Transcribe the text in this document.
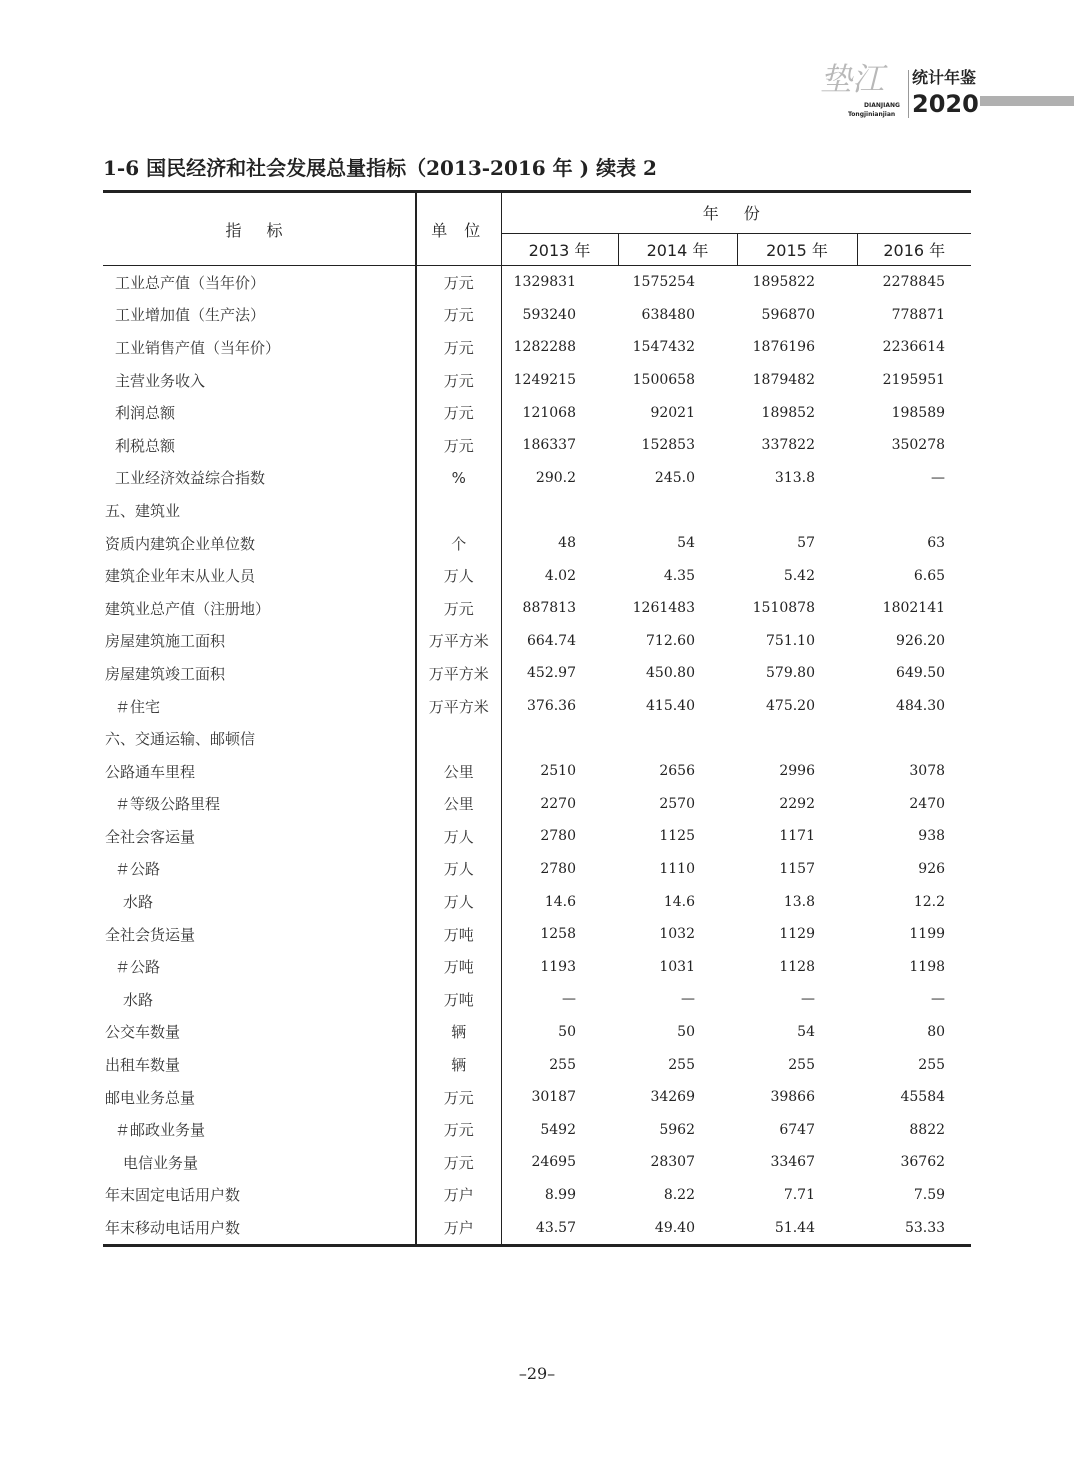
垫江
DIANJIANG
Tongjinianjian
统计年鉴
2020
1-6 国民经济和社会发展总量指标（2013-2016 年 ) 续表 2
指 标	单 位	年 份			
		2013 年	2014 年	2015 年	2016 年
工业总产值（当年价）	万元	1329831	1575254	1895822	2278845
工业增加值（生产法）	万元	593240	638480	596870	778871
工业销售产值（当年价）	万元	1282288	1547432	1876196	2236614
主营业务收入	万元	1249215	1500658	1879482	2195951
利润总额	万元	121068	92021	189852	198589
利税总额	万元	186337	152853	337822	350278
工业经济效益综合指数	%	290.2	245.0	313.8	—
五、建筑业					
资质内建筑企业单位数	个	48	54	57	63
建筑企业年末从业人员	万人	4.02	4.35	5.42	6.65
建筑业总产值（注册地）	万元	887813	1261483	1510878	1802141
房屋建筑施工面积	万平方米	664.74	712.60	751.10	926.20
房屋建筑竣工面积	万平方米	452.97	450.80	579.80	649.50
＃住宅	万平方米	376.36	415.40	475.20	484.30
六、交通运输、邮顿信					
公路通车里程	公里	2510	2656	2996	3078
＃等级公路里程	公里	2270	2570	2292	2470
全社会客运量	万人	2780	1125	1171	938
＃公路	万人	2780	1110	1157	926
水路	万人	14.6	14.6	13.8	12.2
全社会货运量	万吨	1258	1032	1129	1199
＃公路	万吨	1193	1031	1128	1198
水路	万吨	—	—	—	—
公交车数量	辆	50	50	54	80
出租车数量	辆	255	255	255	255
邮电业务总量	万元	30187	34269	39866	45584
＃邮政业务量	万元	5492	5962	6747	8822
电信业务量	万元	24695	28307	33467	36762
年末固定电话用户数	万户	8.99	8.22	7.71	7.59
年末移动电话用户数	万户	43.57	49.40	51.44	53.33
–29–
